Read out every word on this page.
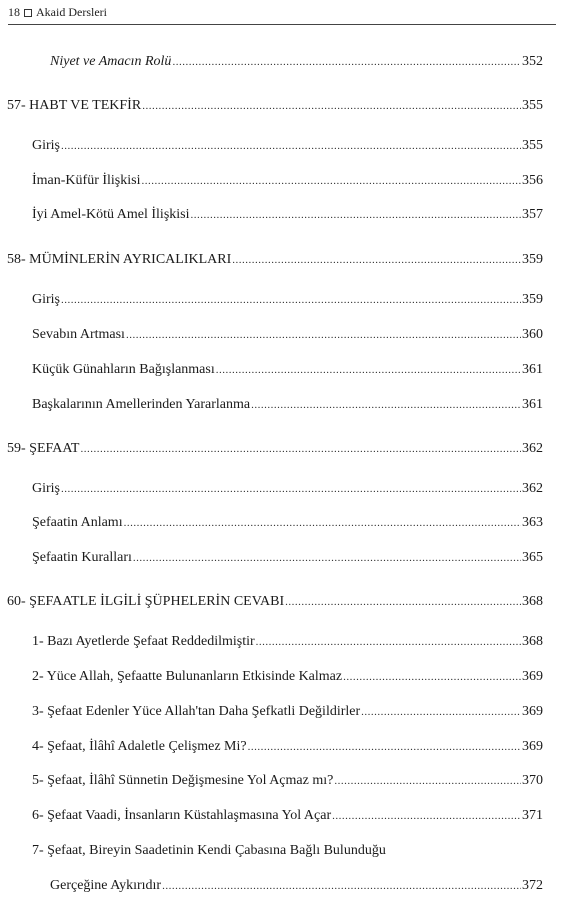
18 Akaid Dersleri
Niyet ve Amacın Rolü .....	352
57- HABT VE TEKFİR .....	355
Giriş .....	355
İman-Küfür İlişkisi .....	356
İyi Amel-Kötü Amel İlişkisi .....	357
58- MÜMİNLERİN AYRICALIKLARI .....	359
Giriş .....	359
Sevabın Artması .....	360
Küçük Günahların Bağışlanması .....	361
Başkalarının Amellerinden Yararlanma .....	361
59- ŞEFAAT .....	362
Giriş .....	362
Şefaatin Anlamı .....	363
Şefaatin Kuralları .....	365
60- ŞEFAATLE İLGİLİ ŞÜPHELERİN CEVABI .....	368
1- Bazı Ayetlerde Şefaat Reddedilmiştir .....	368
2- Yüce Allah, Şefaatte Bulunanların Etkisinde Kalmaz .....	369
3- Şefaat Edenler Yüce Allah'tan Daha Şefkatli Değildirler .....	369
4- Şefaat, İlâhî Adaletle Çelişmez Mi? .....	369
5- Şefaat, İlâhî Sünnetin Değişmesine Yol Açmaz mı? .....	370
6- Şefaat Vaadi, İnsanların Küstahlaşmasına Yol Açar .....	371
7- Şefaat, Bireyin Saadetinin Kendi Çabasına Bağlı Bulunduğu
Gerçeğine Aykırıdır .....	372
